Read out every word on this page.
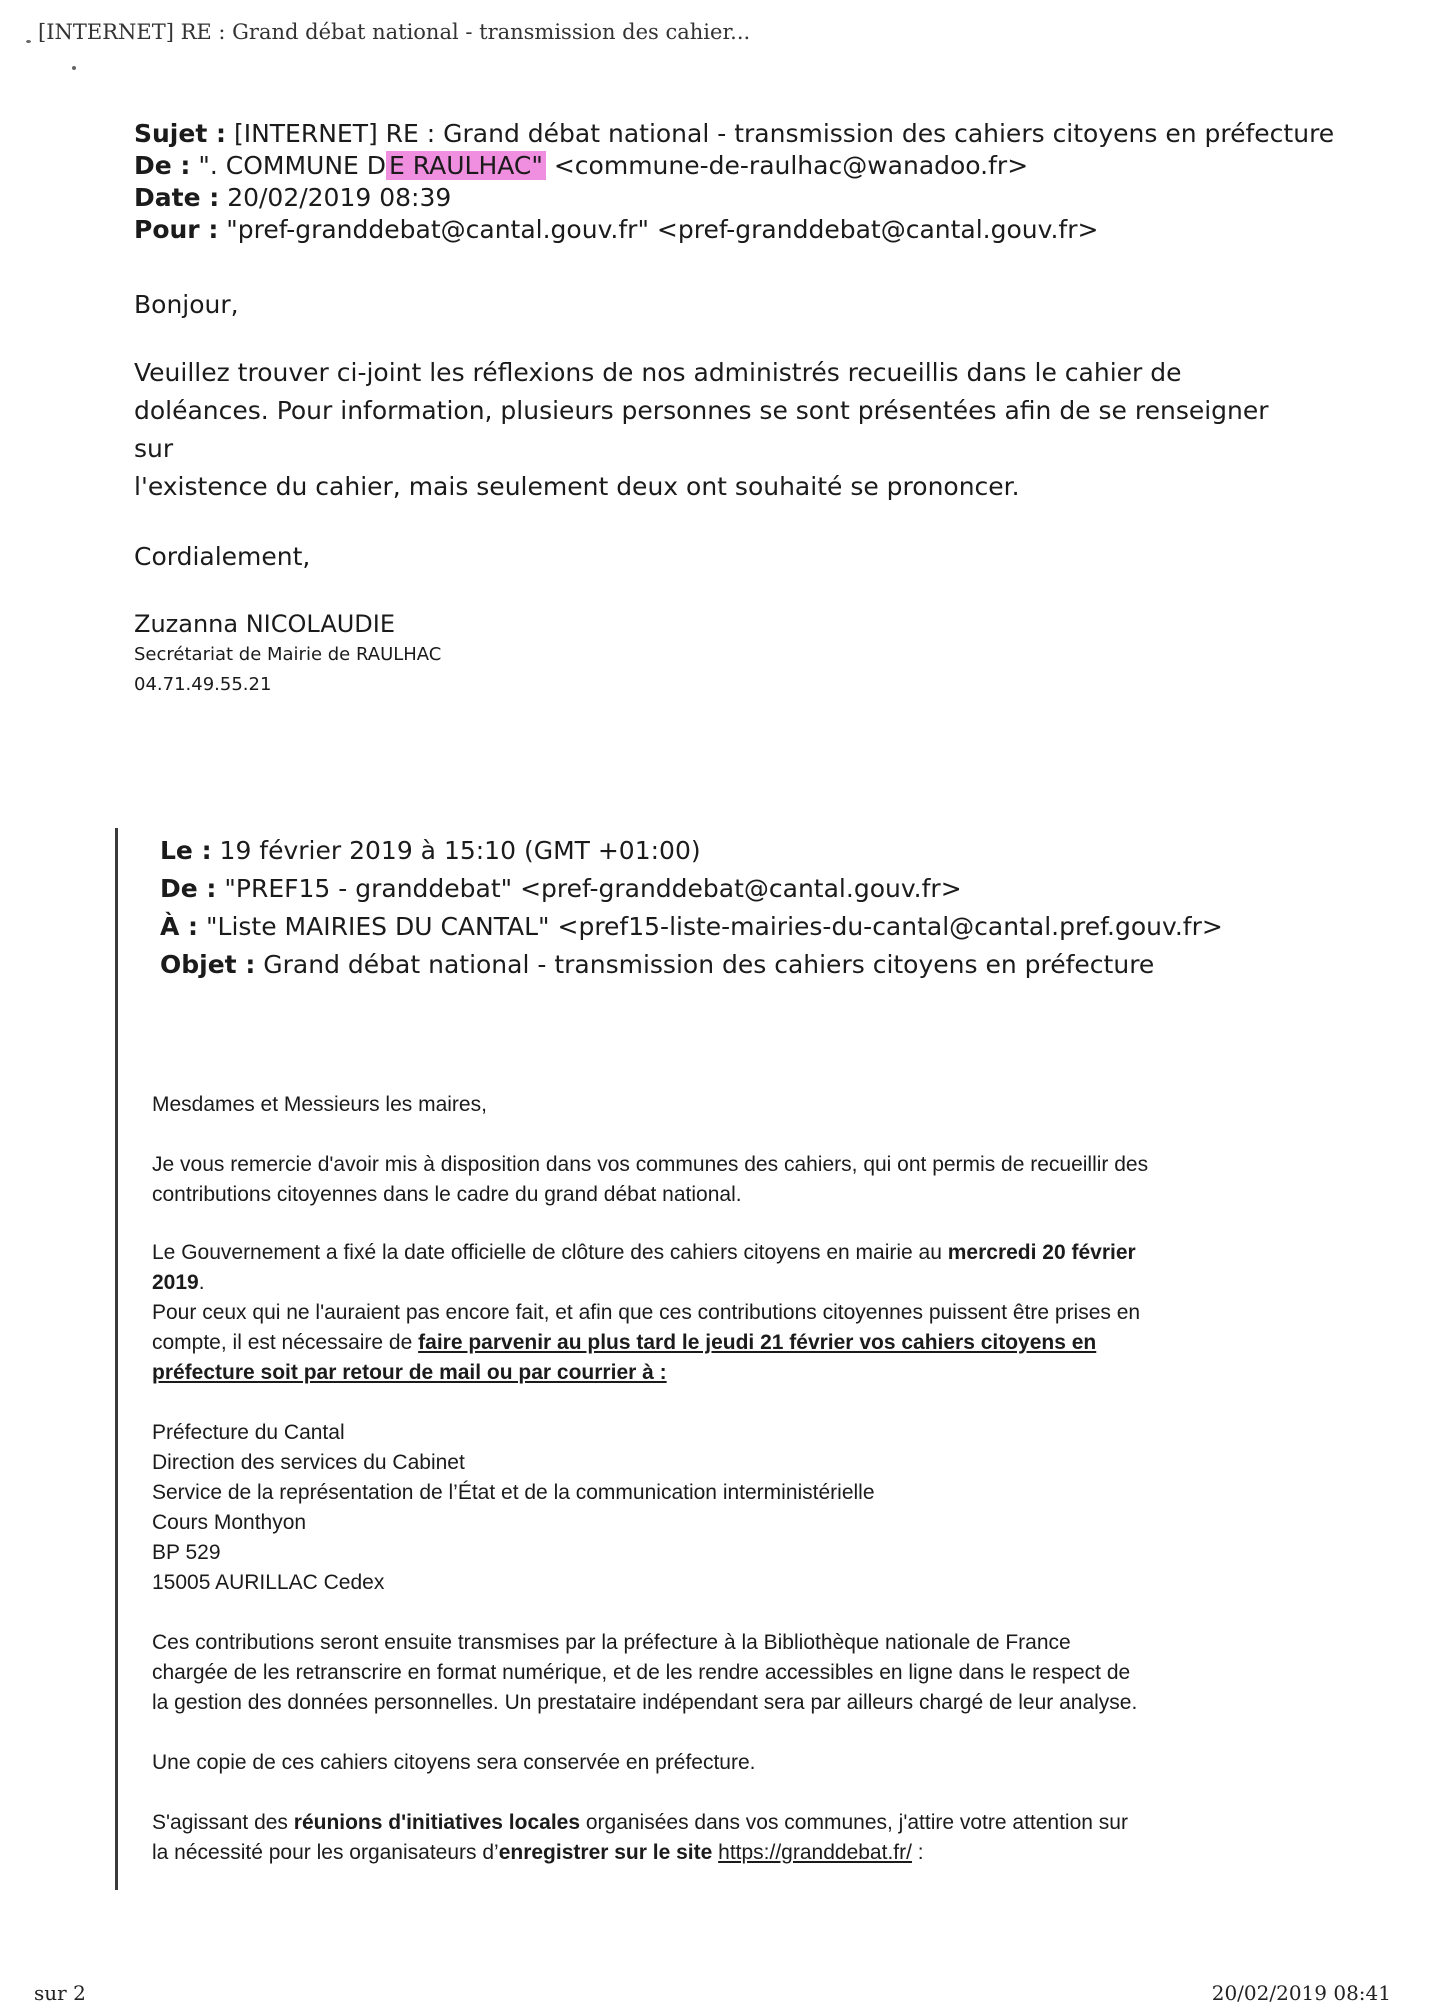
[INTERNET] RE : Grand débat national - transmission des cahier...
Sujet : [INTERNET] RE : Grand débat national - transmission des cahiers citoyens en préfecture
De : ". COMMUNE D E RAULHAC" <commune-de-raulhac@wanadoo.fr>
Date : 20/02/2019 08:39
Pour : "pref-granddebat@cantal.gouv.fr" <pref-granddebat@cantal.gouv.fr>

Bonjour,

Veuillez trouver ci-joint les réflexions de nos administrés recueillis dans le cahier de

doléances. Pour information, plusieurs personnes se sont présentées afin de se renseigner sur

l'existence du cahier, mais seulement deux ont souhaité se prononcer.

Cordialement,

Zuzanna NICOLAUDIE
Secrétariat de Mairie de RAULHAC
04.71.49.55.21
Le : 19 février 2019 à 15:10 (GMT +01:00)
De : "PREF15 - granddebat" <pref-granddebat@cantal.gouv.fr>
À : "Liste MAIRIES DU CANTAL" <pref15-liste-mairies-du-cantal@cantal.pref.gouv.fr>
Objet : Grand débat national - transmission des cahiers citoyens en préfecture

Mesdames et Messieurs les maires,

Je vous remercie d'avoir mis à disposition dans vos communes des cahiers, qui ont permis de recueillir des

contributions citoyennes dans le cadre du grand débat national.

Le Gouvernement a fixé la date officielle de clôture des cahiers citoyens en mairie au mercredi 20 février

2019.

Pour ceux qui ne l'auraient pas encore fait, et afin que ces contributions citoyennes puissent être prises en

compte, il est nécessaire de faire parvenir au plus tard le jeudi 21 février vos cahiers citoyens en

préfecture soit par retour de mail ou par courrier à :

Préfecture du Cantal

Direction des services du Cabinet

Service de la représentation de l’État et de la communication interministérielle

Cours Monthyon

BP 529

15005 AURILLAC Cedex

Ces contributions seront ensuite transmises par la préfecture à la Bibliothèque nationale de France

chargée de les retranscrire en format numérique, et de les rendre accessibles en ligne dans le respect de

la gestion des données personnelles. Un prestataire indépendant sera par ailleurs chargé de leur analyse.

Une copie de ces cahiers citoyens sera conservée en préfecture.

S'agissant des réunions d'initiatives locales organisées dans vos communes, j'attire votre attention sur

la nécessité pour les organisateurs d’enregistrer sur le site https://granddebat.fr/ :

sur 2	20/02/2019 08:41
